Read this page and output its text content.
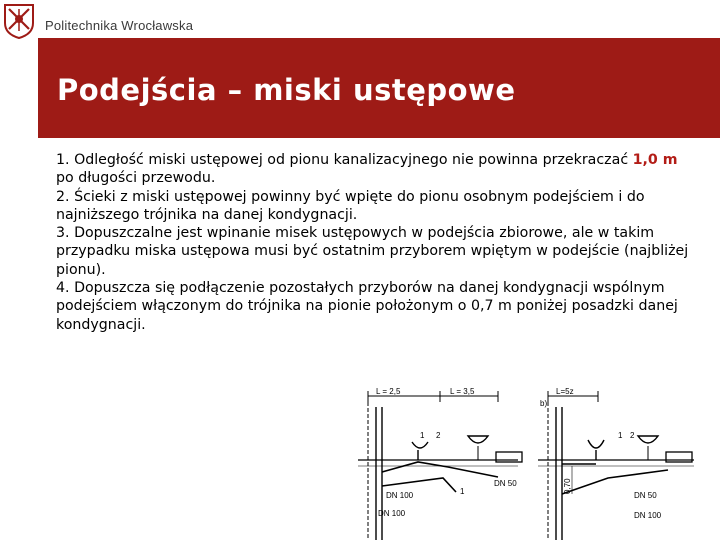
Politechnika Wrocławska
Podejścia – miski ustępowe

1. Odległość miski ustępowej od pionu kanalizacyjnego nie powinna przekraczać 1,0 m po długości przewodu.

2. Ścieki z miski ustępowej powinny być wpięte do pionu osobnym podejściem i do najniższego trójnika na danej kondygnacji.

3. Dopuszczalne jest wpinanie misek ustępowych w podejścia zbiorowe, ale w takim przypadku miska ustępowa musi być ostatnim przyborem wpiętym w podejście (najbliżej pionu).

4. Dopuszcza się podłączenie pozostałych przyborów na danej kondygnacji wspólnym podejściem włączonym do trójnika na pionie położonym o 0,7 m poniżej posadzki danej kondygnacji.

L = 2,5	L = 3,5
b)
L=5z
1 2
1
1 2
0,70
DN 50
DN 100
DN 100
DN 50
DN 100
